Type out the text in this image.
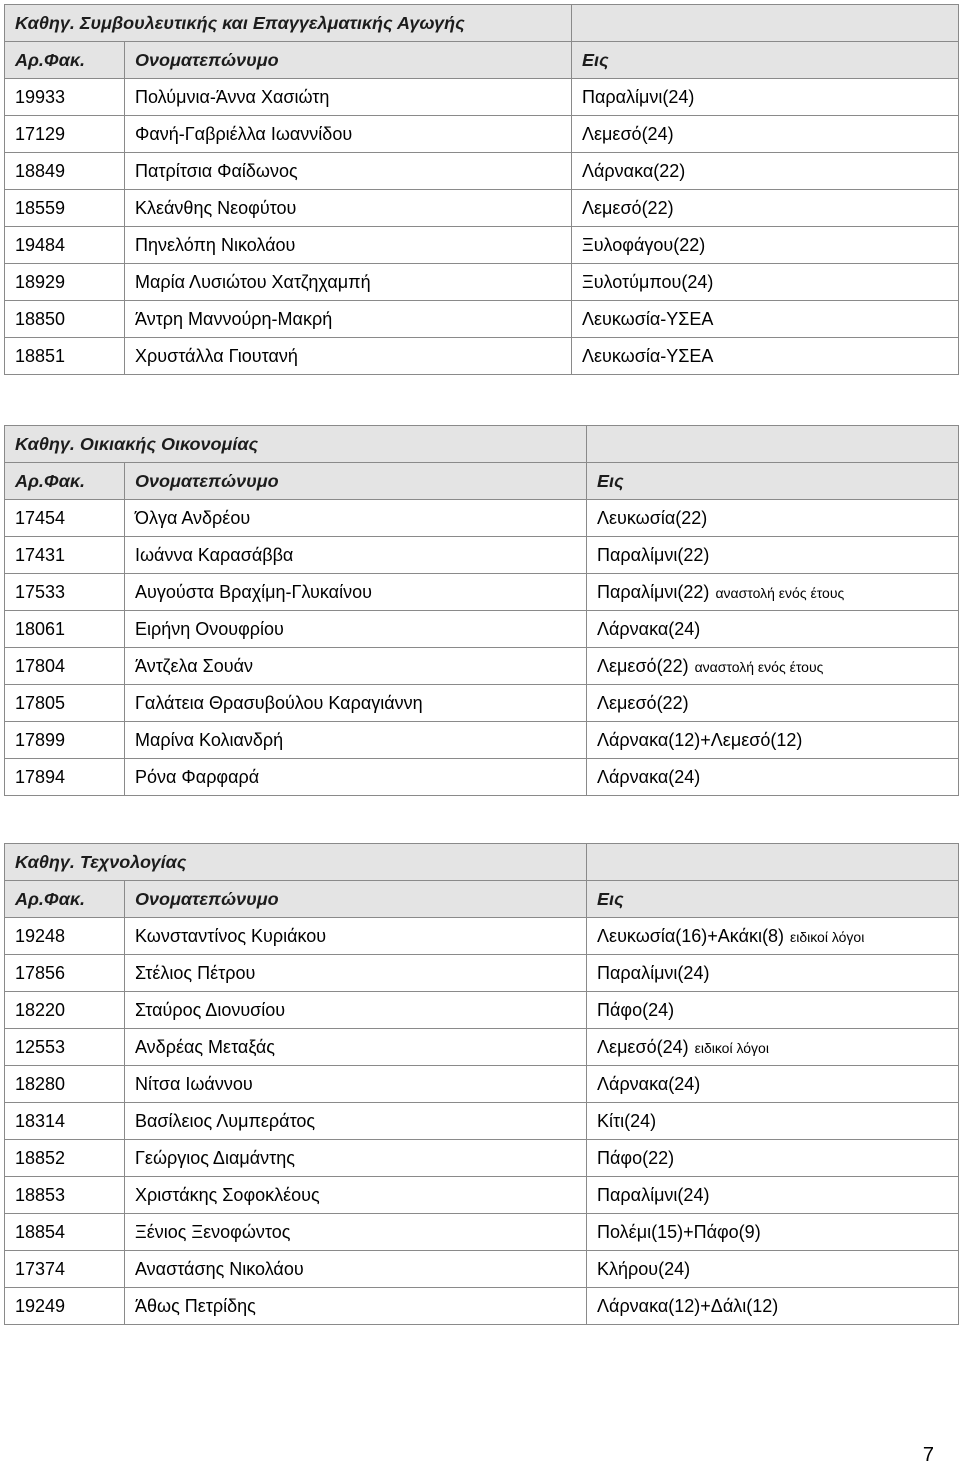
Καθηγ. Συμβουλευτικής και Επαγγελματικής Αγωγής		
Αρ.Φακ.	Ονοματεπώνυμο	Εις
19933	Πολύμνια-Άννα Χασιώτη	Παραλίμνι(24)
17129	Φανή-Γαβριέλλα Ιωαννίδου	Λεμεσό(24)
18849	Πατρίτσια Φαίδωνος	Λάρνακα(22)
18559	Κλεάνθης Νεοφύτου	Λεμεσό(22)
19484	Πηνελόπη Νικολάου	Ξυλοφάγου(22)
18929	Μαρία Λυσιώτου Χατζηχαμπή	Ξυλοτύμπου(24)
18850	Άντρη Μαννούρη-Μακρή	Λευκωσία-ΥΣΕΑ
18851	Χρυστάλλα Γιουτανή	Λευκωσία-ΥΣΕΑ
Καθηγ. Οικιακής Οικονομίας		
Αρ.Φακ.	Ονοματεπώνυμο	Εις
17454	Όλγα Ανδρέου	Λευκωσία(22)
17431	Ιωάννα Καρασάββα	Παραλίμνι(22)
17533	Αυγούστα Βραχίμη-Γλυκαίνου	Παραλίμνι(22) αναστολή ενός έτους
18061	Ειρήνη Ονουφρίου	Λάρνακα(24)
17804	Άντζελα Σουάν	Λεμεσό(22) αναστολή ενός έτους
17805	Γαλάτεια Θρασυβούλου Καραγιάννη	Λεμεσό(22)
17899	Μαρίνα Κολιανδρή	Λάρνακα(12)+Λεμεσό(12)
17894	Ρόνα Φαρφαρά	Λάρνακα(24)
Καθηγ. Τεχνολογίας		
Αρ.Φακ.	Ονοματεπώνυμο	Εις
19248	Κωνσταντίνος Κυριάκου	Λευκωσία(16)+Ακάκι(8) ειδικοί λόγοι
17856	Στέλιος Πέτρου	Παραλίμνι(24)
18220	Σταύρος Διονυσίου	Πάφο(24)
12553	Ανδρέας Μεταξάς	Λεμεσό(24) ειδικοί λόγοι
18280	Νίτσα Ιωάννου	Λάρνακα(24)
18314	Βασίλειος Λυμπεράτος	Κίτι(24)
18852	Γεώργιος Διαμάντης	Πάφο(22)
18853	Χριστάκης Σοφοκλέους	Παραλίμνι(24)
18854	Ξένιος Ξενοφώντος	Πολέμι(15)+Πάφο(9)
17374	Αναστάσης Νικολάου	Κλήρου(24)
19249	Άθως Πετρίδης	Λάρνακα(12)+Δάλι(12)
7
